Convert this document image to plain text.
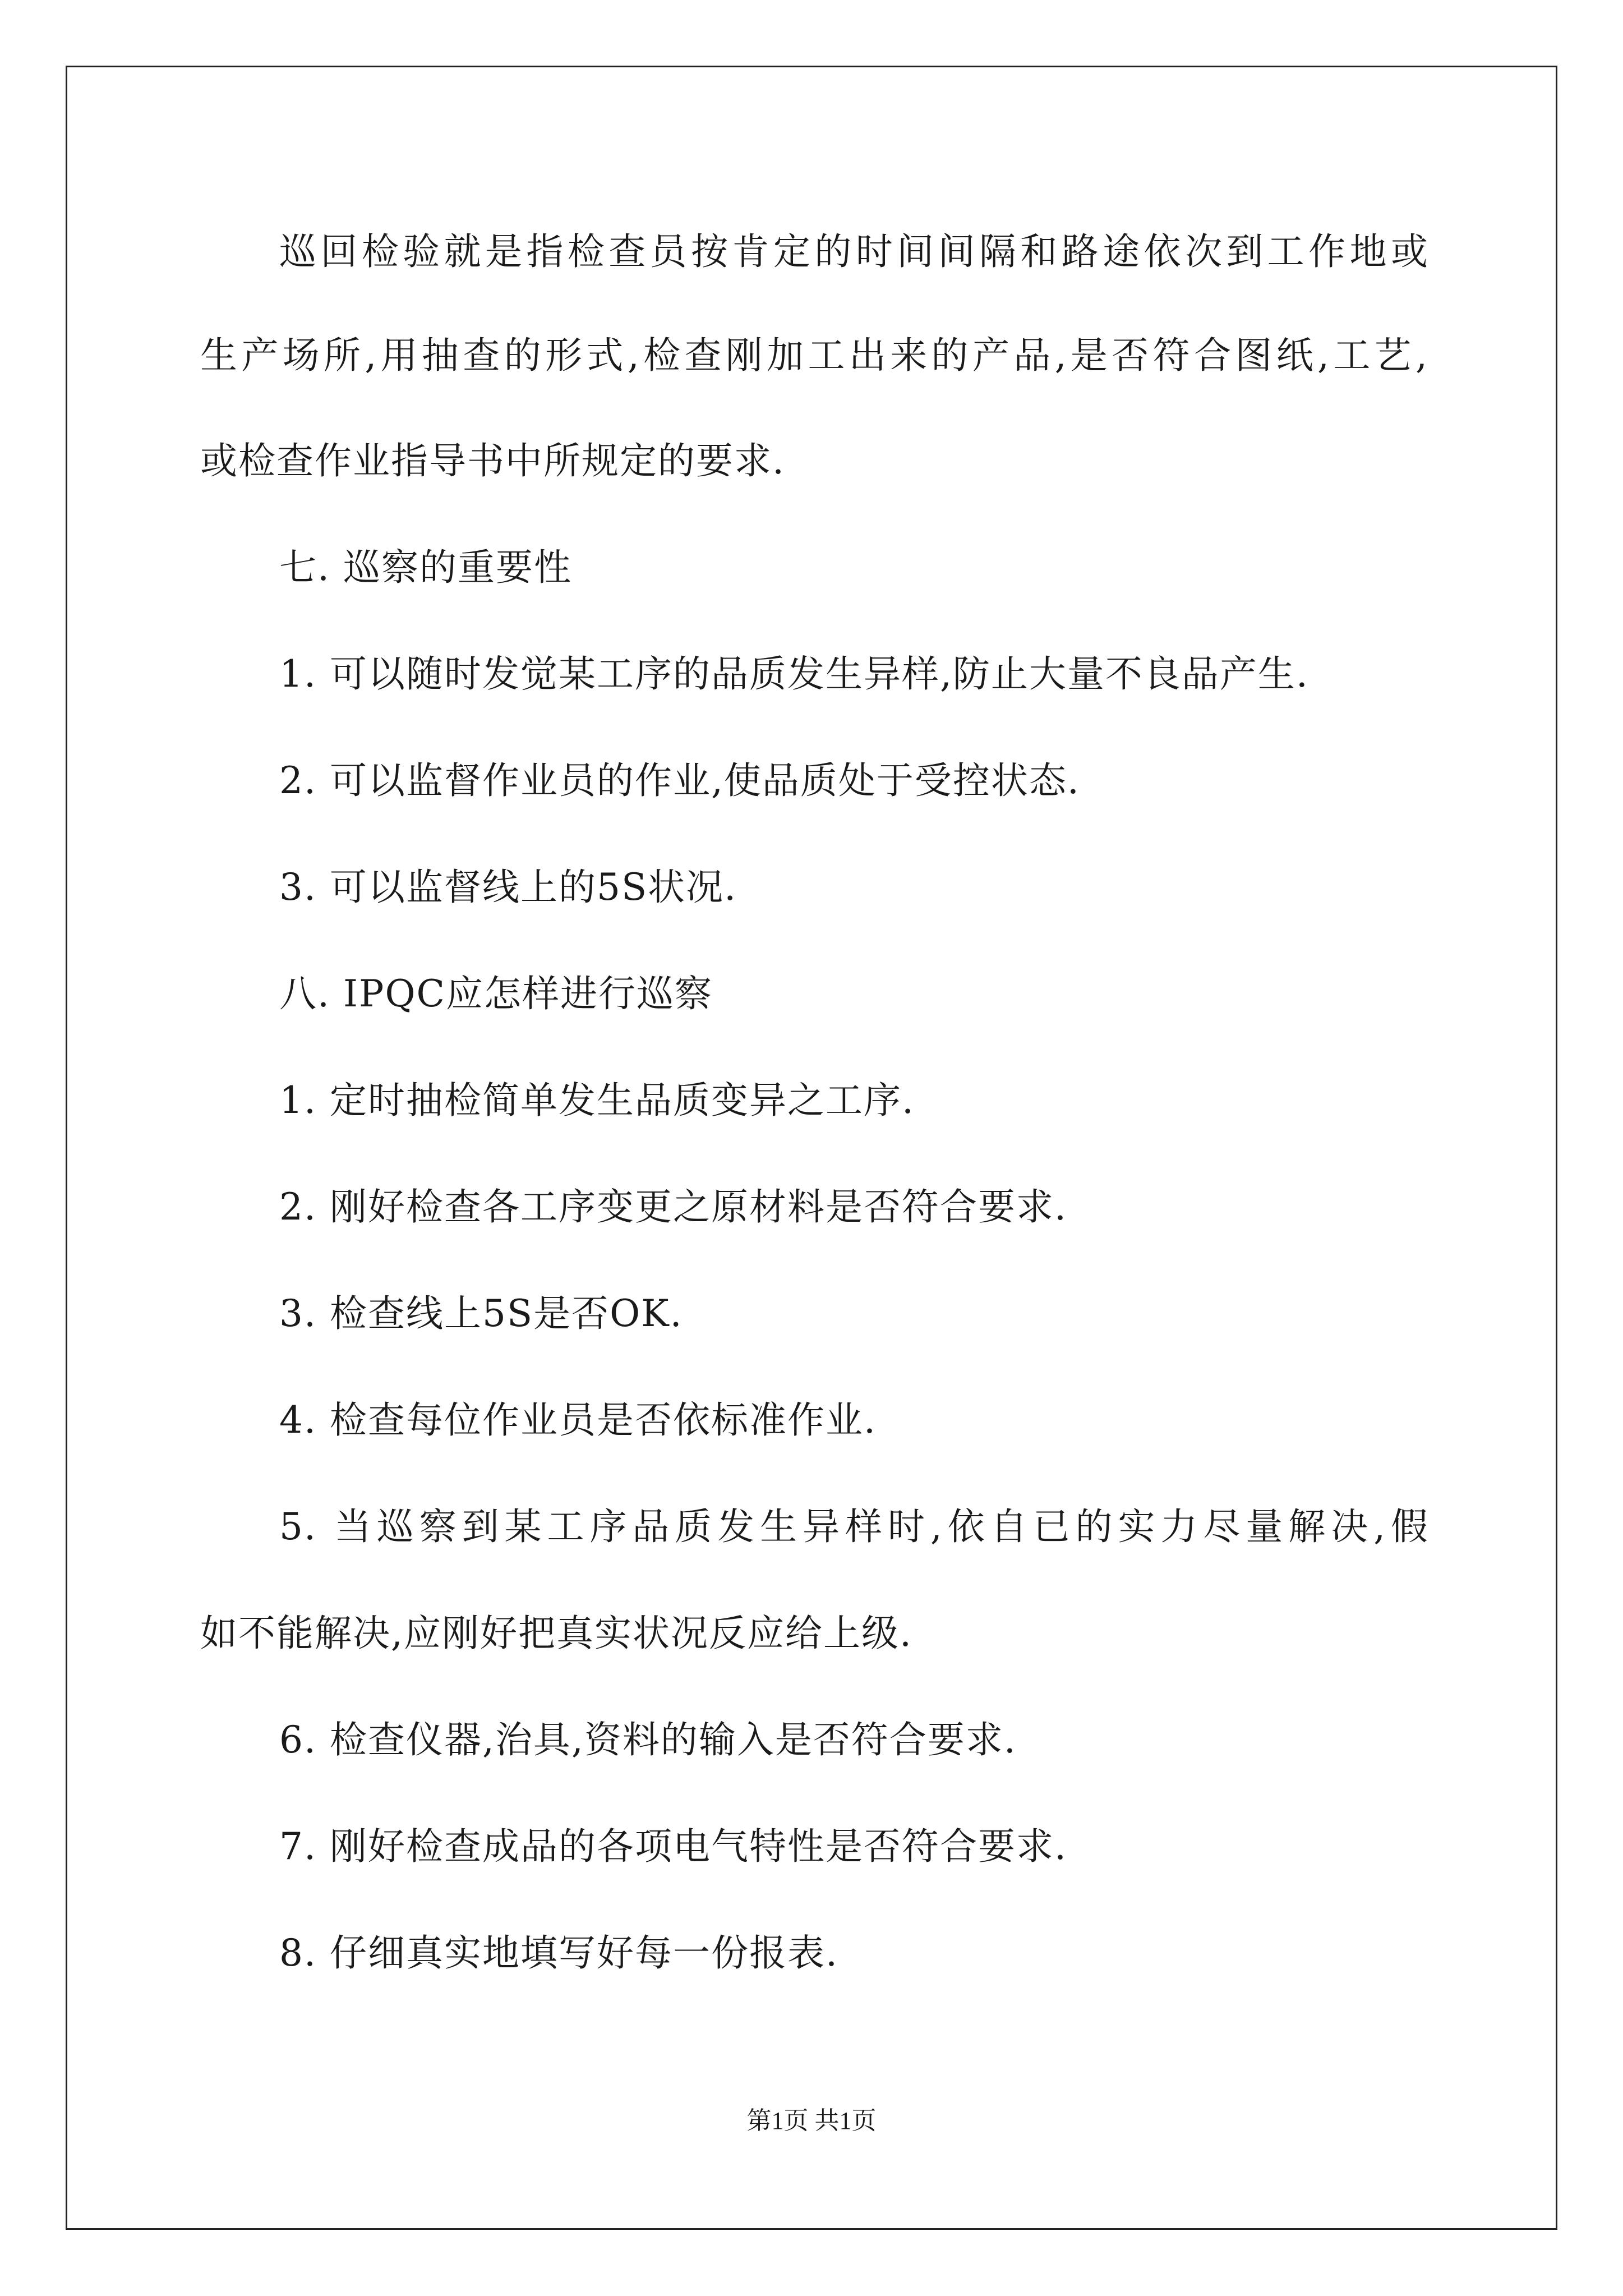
巡回检验就是指检查员按肯定的时间间隔和路途依次到工作地或
生产场所,用抽查的形式,检查刚加工出来的产品,是否符合图纸,工艺,
或检查作业指导书中所规定的要求.
七. 巡察的重要性
1. 可以随时发觉某工序的品质发生异样,防止大量不良品产生.
2. 可以监督作业员的作业,使品质处于受控状态.
3. 可以监督线上的5S状况.
八. IPQC应怎样进行巡察
1. 定时抽检简单发生品质变异之工序.
2. 刚好检查各工序变更之原材料是否符合要求.
3. 检查线上5S是否OK.
4. 检查每位作业员是否依标准作业.
5. 当巡察到某工序品质发生异样时,依自已的实力尽量解决,假
如不能解决,应刚好把真实状况反应给上级.
6. 检查仪器,治具,资料的输入是否符合要求.
7. 刚好检查成品的各项电气特性是否符合要求.
8. 仔细真实地填写好每一份报表.
第1页 共1页
